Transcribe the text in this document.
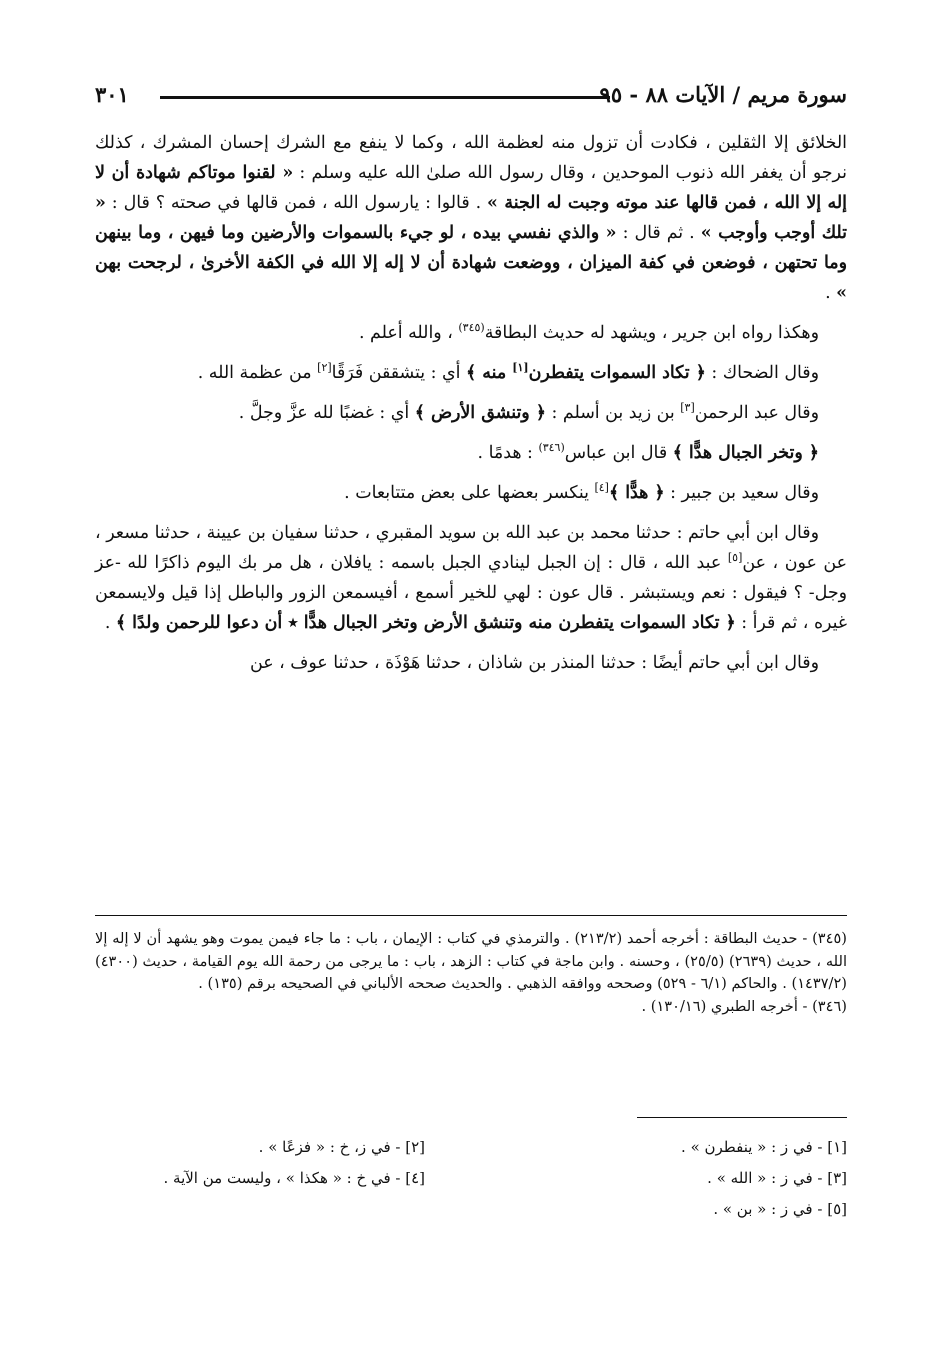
سورة مريم / الآيات ٨٨ - ٩٥
٣٠١

الخلائق إلا الثقلين ، فكادت أن تزول منه لعظمة الله ، وكما لا ينفع مع الشرك إحسان المشرك ، كذلك نرجو أن يغفر الله ذنوب الموحدين ، وقال رسول الله صلىٰ الله عليه وسلم : « لقنوا موتاكم شهادة أن لا إله إلا الله ، فمن قالها عند موته وجبت له الجنة » . قالوا : يارسول الله ، فمن قالها في صحته ؟ قال : « تلك أوجب وأوجب » . ثم قال : « والذي نفسي بيده ، لو جيء بالسموات والأرضين وما فيهن ، وما بينهن وما تحتهن ، فوضعن في كفة الميزان ، ووضعت شهادة أن لا إله إلا الله في الكفة الأخرىٰ ، لرجحت بهن » .

وهكذا رواه ابن جرير ، ويشهد له حديث البطاقة$^{(٣٤٥)}$ ، والله أعلم .

وقال الضحاك : ﴿ تكاد السموات يتفطرن[١] منه ﴾ أي : يتشققن فَرَقًا[٢] من عظمة الله .

وقال عبد الرحمن[٣] بن زيد بن أسلم : ﴿ وتنشق الأرض ﴾ أي : غضبًا لله عزَّ وجلَّ .

﴿ وتخر الجبال هدًّا ﴾ قال ابن عباس$^{(٣٤٦)}$ : هدمًا .

وقال سعيد بن جبير : ﴿ هدًّا ﴾[٤] ينكسر بعضها على بعض متتابعات .

وقال ابن أبي حاتم : حدثنا محمد بن عبد الله بن سويد المقبري ، حدثنا سفيان بن عيينة ، حدثنا مسعر ، عن عون ، عن[٥] عبد الله ، قال : إن الجبل لينادي الجبل باسمه : يافلان ، هل مر بك اليوم ذاكرًا لله -عز وجل- ؟ فيقول : نعم ويستبشر . قال عون : لهي للخير أسمع ، أفيسمعن الزور والباطل إذا قيل ولايسمعن غيره ، ثم قرأ : ﴿ تكاد السموات يتفطرن منه وتنشق الأرض وتخر الجبال هدًّا ٭ أن دعوا للرحمن ولدًا ﴾ .

وقال ابن أبي حاتم أيضًا : حدثنا المنذر بن شاذان ، حدثنا هَوْذَة ، حدثنا عوف ، عن

(٣٤٥) - حديث البطاقة : أخرجه أحمد (٢١٣/٢) . والترمذي في كتاب : الإيمان ، باب : ما جاء فيمن يموت وهو يشهد أن لا إله إلا الله ، حديث (٢٦٣٩) (٢٥/٥) ، وحسنه . وابن ماجة في كتاب : الزهد ، باب : ما يرجى من رحمة الله يوم القيامة ، حديث (٤٣٠٠) (١٤٣٧/٢) . والحاكم (٦/١ - ٥٢٩) وصححه ووافقه الذهبي . والحديث صححه الألباني في الصحيحه برقم (١٣٥) .

(٣٤٦) - أخرجه الطبري (١٣٠/١٦) .

[١] - في ز : « ينفطرن » .

[٣] - في ز : « الله » .

[٥] - في ز : « بن » .

[٢] - في ز، خ : « فزعًا » .

[٤] - في خ : « هكذا » ، وليست من الآية .
